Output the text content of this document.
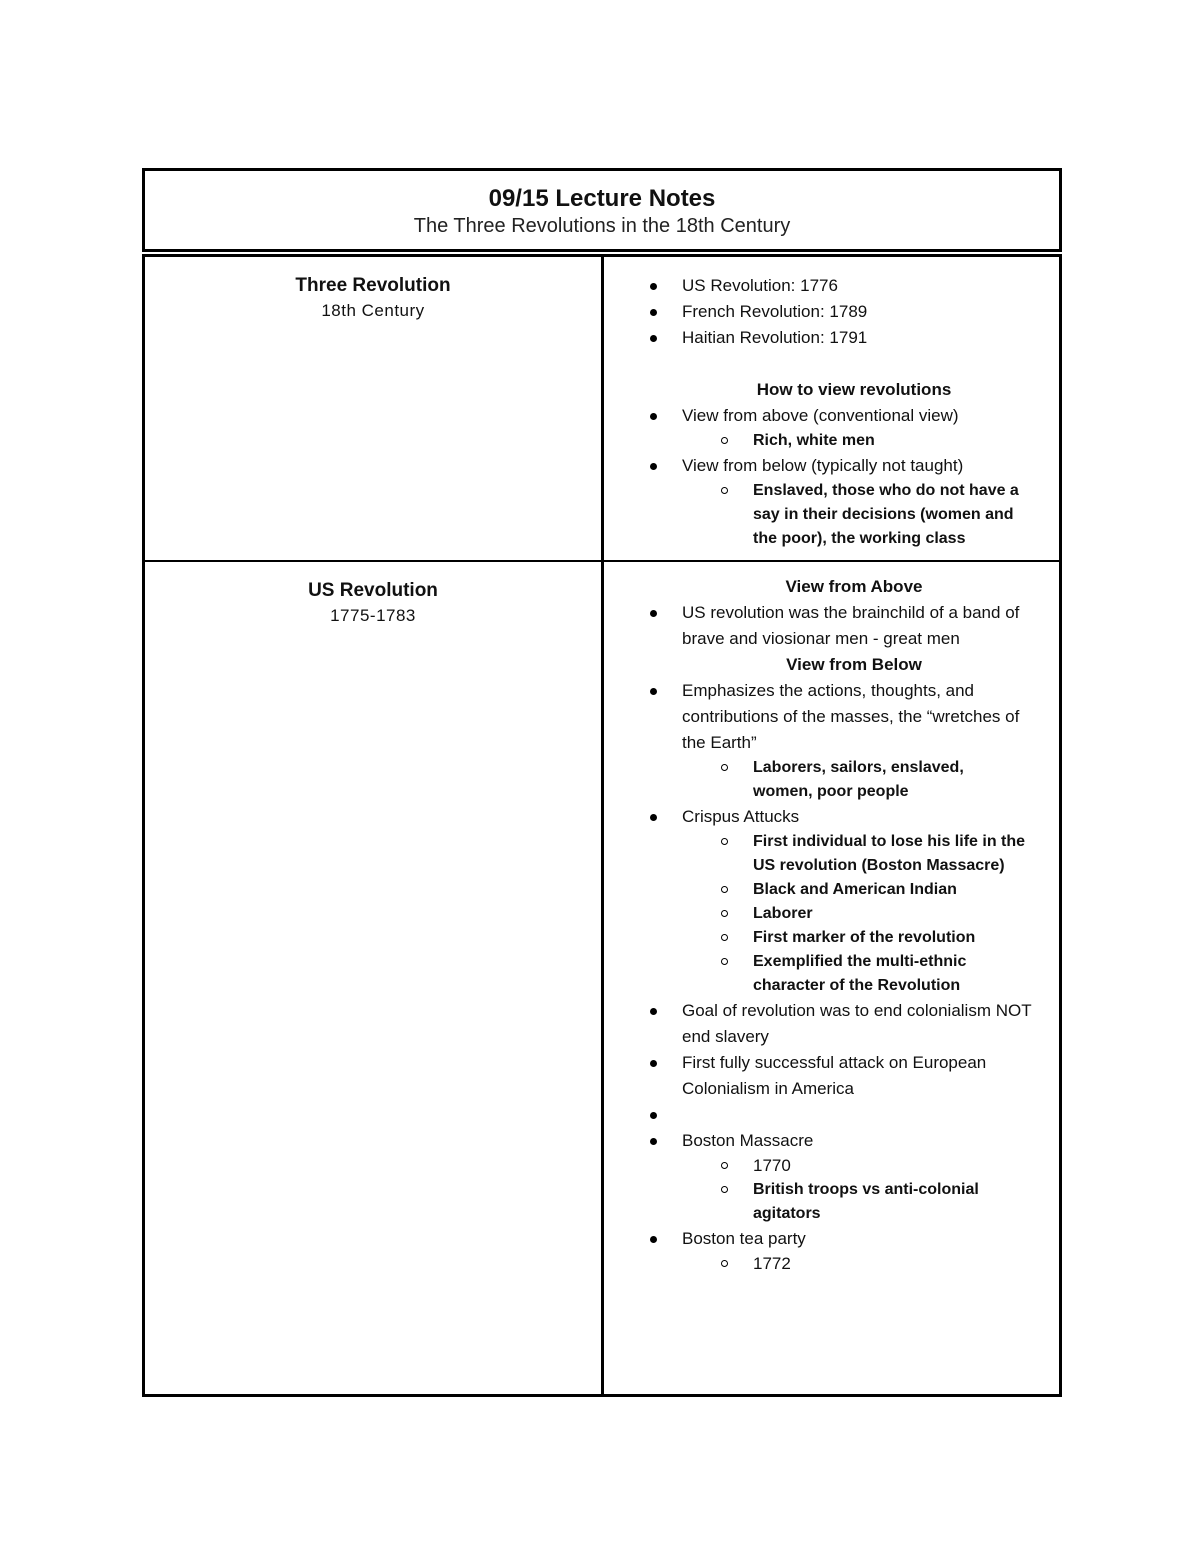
09/15 Lecture Notes
The Three Revolutions in the 18th Century
Three Revolution
18th Century
US Revolution: 1776
French Revolution: 1789
Haitian Revolution: 1791
How to view revolutions
View from above (conventional view)
Rich, white men
View from below (typically not taught)
Enslaved, those who do not have a say in their decisions (women and the poor), the working class
US Revolution
1775-1783
View from Above
US revolution was the brainchild of a band of brave and viosionar men - great men
View from Below
Emphasizes the actions, thoughts, and contributions of the masses, the “wretches of the Earth”
Laborers, sailors, enslaved, women, poor people
Crispus Attucks
First individual to lose his life in the US revolution (Boston Massacre)
Black and American Indian
Laborer
First marker of the revolution
Exemplified the multi-ethnic character of the Revolution
Goal of revolution was to end colonialism NOT end slavery
First fully successful attack on European Colonialism in America
Boston Massacre
1770
British troops vs anti-colonial agitators
Boston tea party
1772
